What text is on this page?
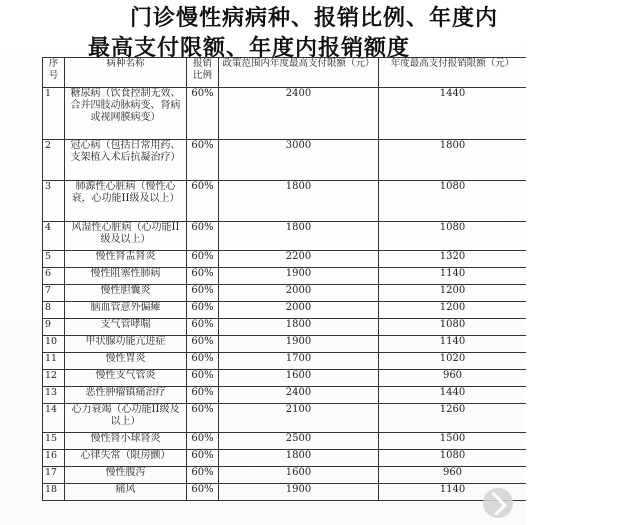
门诊慢性病病种、报销比例、年度内
最高支付限额、年度内报销额度
序号	病种名称	报销比例	政策范围内年度最高支付限额（元）	年度最高支付报销限额（元）
1	糖尿病（饮食控制无效、合并四肢动脉病变、肾病或视网膜病变）	60%	2400	1440
2	冠心病（包括日常用药、支架植入术后抗凝治疗）	60%	3000	1800
3	肺源性心脏病（慢性心衰，心功能II级及以上）	60%	1800	1080
4	风湿性心脏病（心功能II级及以上）	60%	1800	1080
5	慢性肾盂肾炎	60%	2200	1320
6	慢性阻塞性肺病	60%	1900	1140
7	慢性胆囊炎	60%	2000	1200
8	脑血管意外偏瘫	60%	2000	1200
9	支气管哮喘	60%	1800	1080
10	甲状腺功能亢进症	60%	1900	1140
11	慢性胃炎	60%	1700	1020
12	慢性支气管炎	60%	1600	960
13	恶性肿瘤镇痛治疗	60%	2400	1440
14	心力衰竭（心功能II级及以上）	60%	2100	1260
15	慢性肾小球肾炎	60%	2500	1500
16	心律失常（限房颤）	60%	1800	1080
17	慢性腹泻	60%	1600	960
18	痛风	60%	1900	1140
